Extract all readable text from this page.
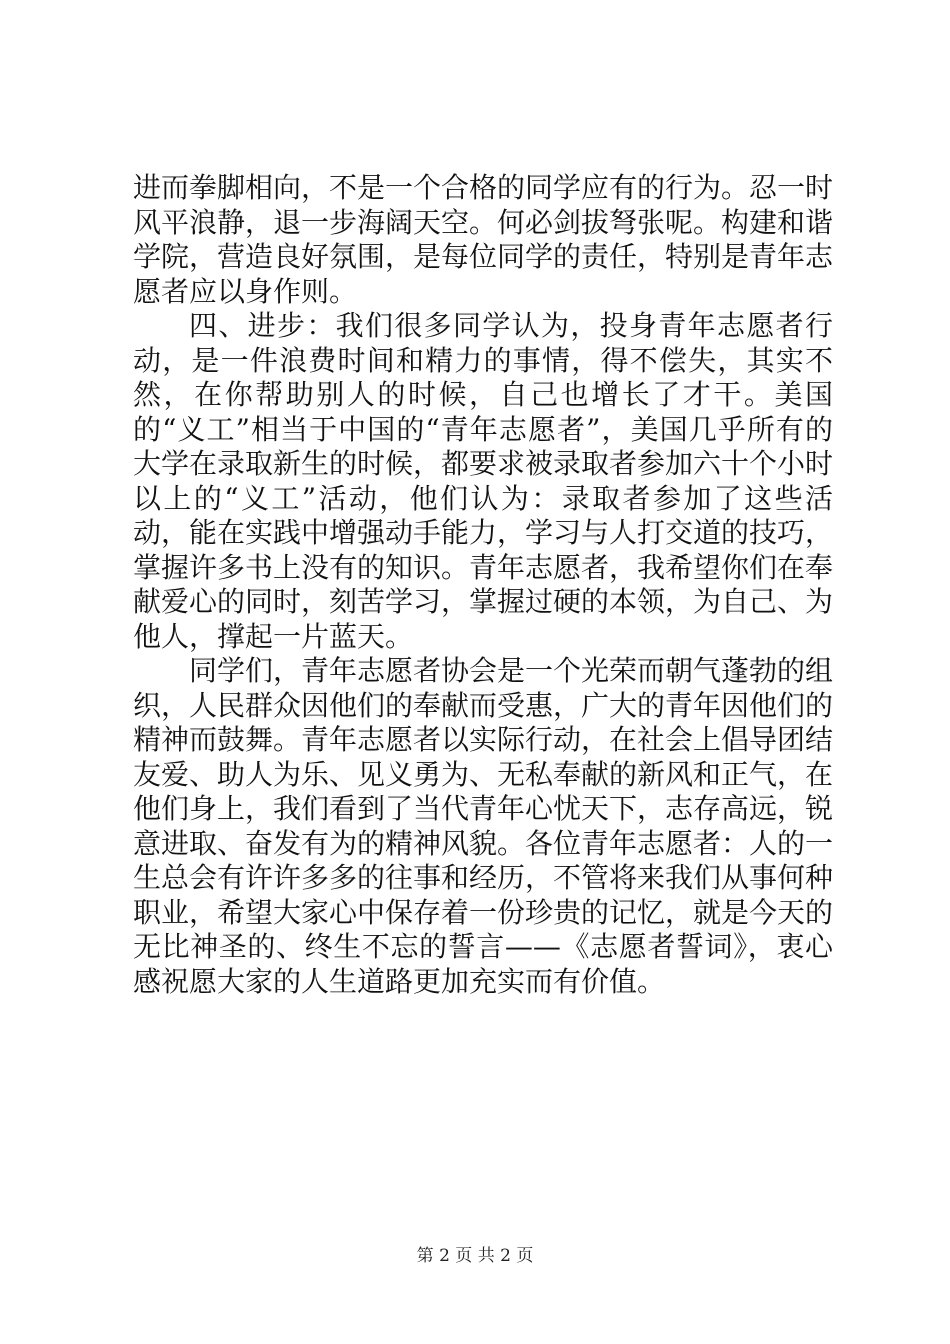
进而拳脚相向，不是一个合格的同学应有的行为。忍一时风平浪静，退一步海阔天空。何必剑拔弩张呢。构建和谐学院，营造良好氛围，是每位同学的责任，特别是青年志愿者应以身作则。

四、进步：我们很多同学认为，投身青年志愿者行动，是一件浪费时间和精力的事情，得不偿失，其实不然，在你帮助别人的时候，自己也增长了才干。美国的“义工”相当于中国的“青年志愿者”，美国几乎所有的大学在录取新生的时候，都要求被录取者参加六十个小时以上的“义工”活动，他们认为：录取者参加了这些活动，能在实践中增强动手能力，学习与人打交道的技巧，掌握许多书上没有的知识。青年志愿者，我希望你们在奉献爱心的同时，刻苦学习，掌握过硬的本领，为自己、为他人，撑起一片蓝天。

同学们，青年志愿者协会是一个光荣而朝气蓬勃的组织，人民群众因他们的奉献而受惠，广大的青年因他们的精神而鼓舞。青年志愿者以实际行动，在社会上倡导团结友爱、助人为乐、见义勇为、无私奉献的新风和正气，在他们身上，我们看到了当代青年心忧天下，志存高远，锐意进取、奋发有为的精神风貌。各位青年志愿者：人的一生总会有许许多多的往事和经历，不管将来我们从事何种职业，希望大家心中保存着一份珍贵的记忆，就是今天的无比神圣的、终生不忘的誓言——《志愿者誓词》，衷心感祝愿大家的人生道路更加充实而有价值。

第 2 页 共 2 页
